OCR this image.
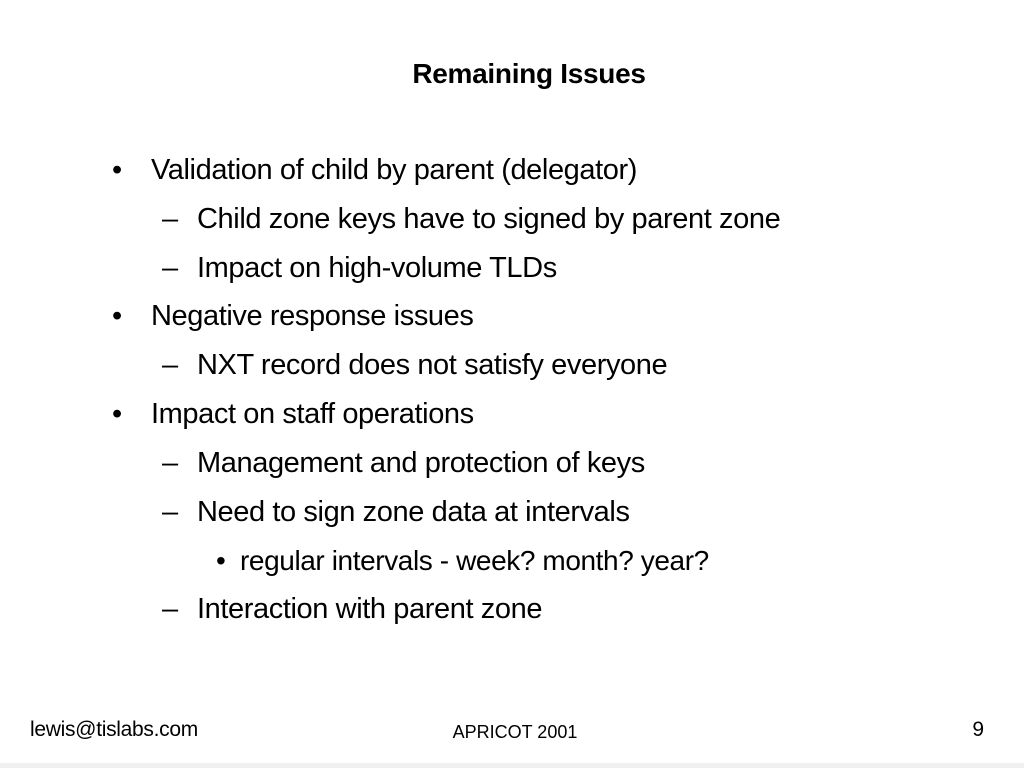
Remaining Issues
• Validation of child by parent (delegator)
– Child zone keys have to signed by parent zone
– Impact on high-volume TLDs
• Negative response issues
– NXT record does not satisfy everyone
• Impact on staff operations
– Management and protection of keys
– Need to sign zone data at intervals
• regular intervals - week? month? year?
– Interaction with parent zone
lewis@tislabs.com	APRICOT 2001	9
